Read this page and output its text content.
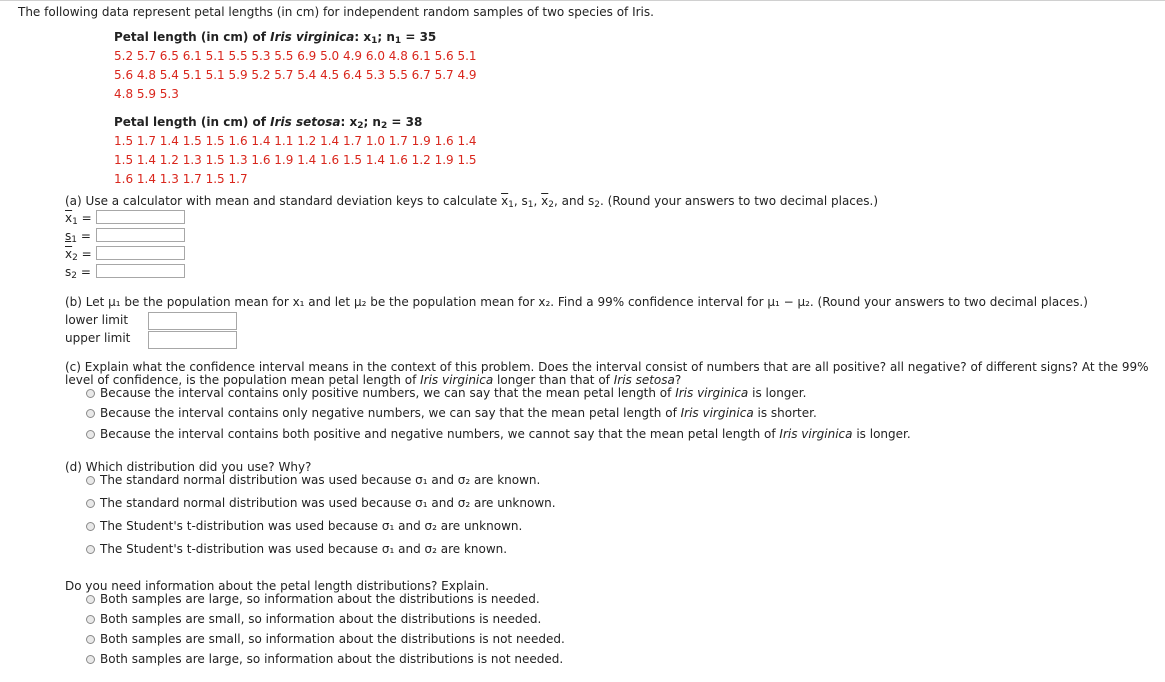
The following data represent petal lengths (in cm) for independent random samples of two species of Iris.
Petal length (in cm) of Iris virginica: $x_1$; $n_1 = 35$
5.2 5.7 6.5 6.1 5.1 5.5 5.3 5.5 6.9 5.0 4.9 6.0 4.8 6.1 5.6 5.1
5.6 4.8 5.4 5.1 5.1 5.9 5.2 5.7 5.4 4.5 6.4 5.3 5.5 6.7 5.7 4.9
4.8 5.9 5.3
Petal length (in cm) of Iris setosa: $x_2$; $n_2 = 38$
1.5 1.7 1.4 1.5 1.5 1.6 1.4 1.1 1.2 1.4 1.7 1.0 1.7 1.9 1.6 1.4
1.5 1.4 1.2 1.3 1.5 1.3 1.6 1.9 1.4 1.6 1.5 1.4 1.6 1.2 1.9 1.5
1.6 1.4 1.3 1.7 1.5 1.7
(a) Use a calculator with mean and standard deviation keys to calculate $\overline{x}_1$, $s_1$, $\overline{x}_2$, and $s_2$. (Round your answers to two decimal places.)
$\overline{x}_1$ =
$s_1$ =
$\overline{x}_2$ =
$s_2$ =
(b) Let μ₁ be the population mean for x₁ and let μ₂ be the population mean for x₂. Find a 99% confidence interval for μ₁ − μ₂. (Round your answers to two decimal places.)
lower limit
upper limit
(c) Explain what the confidence interval means in the context of this problem. Does the interval consist of numbers that are all positive? all negative? of different signs? At the 99%
level of confidence, is the population mean petal length of Iris virginica longer than that of Iris setosa?
Because the interval contains only positive numbers, we can say that the mean petal length of Iris virginica is longer.
Because the interval contains only negative numbers, we can say that the mean petal length of Iris virginica is shorter.
Because the interval contains both positive and negative numbers, we cannot say that the mean petal length of Iris virginica is longer.
(d) Which distribution did you use? Why?
The standard normal distribution was used because σ₁ and σ₂ are known.
The standard normal distribution was used because σ₁ and σ₂ are unknown.
The Student's t-distribution was used because σ₁ and σ₂ are unknown.
The Student's t-distribution was used because σ₁ and σ₂ are known.
Do you need information about the petal length distributions? Explain.
Both samples are large, so information about the distributions is needed.
Both samples are small, so information about the distributions is needed.
Both samples are small, so information about the distributions is not needed.
Both samples are large, so information about the distributions is not needed.
